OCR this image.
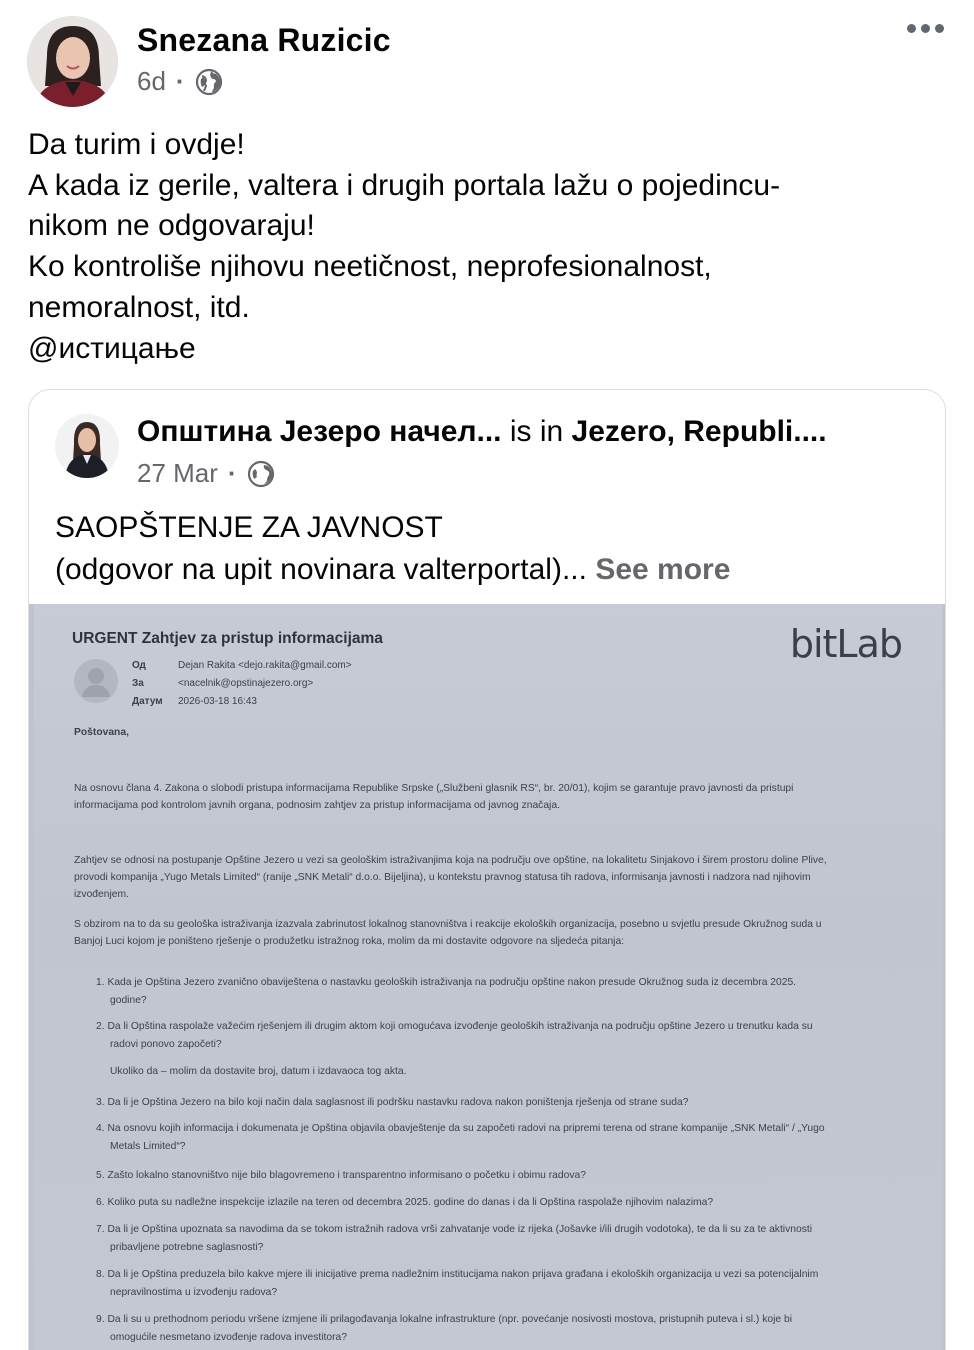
Snezana Ruzicic
6d ·
Da turim i ovdje!
A kada iz gerile, valtera i drugih portala lažu o pojedincu-
nikom ne odgovaraju!
Ko kontroliše njihovu neetičnost, neprofesionalnost,
nemoralnost, itd.
@истицање
Општина Језеро начел... is in Jezero, Republi....
27 Mar ·
SAOPŠTENJE ZA JAVNOST
(odgovor na upit novinara valterportal)... See more
URGENT Zahtjev za pristup informacijama	bitLab
Од	Dejan Rakita <dejo.rakita@gmail.com>
За	<nacelnik@opstinajezero.org>
Датум 2026-03-18 16:43
Poštovana,
Na osnovu člana 4. Zakona o slobodi pristupa informacijama Republike Srpske („Službeni glasnik RS“, br. 20/01), kojim se garantuje pravo javnosti da pristupi
informacijama pod kontrolom javnih organa, podnosim zahtjev za pristup informacijama od javnog značaja.
Zahtjev se odnosi na postupanje Opštine Jezero u vezi sa geološkim istraživanjima koja na području ove opštine, na lokalitetu Sinjakovo i širem prostoru doline Plive,
provodi kompanija „Yugo Metals Limited“ (ranije „SNK Metali“ d.o.o. Bijeljina), u kontekstu pravnog statusa tih radova, informisanja javnosti i nadzora nad njihovim
izvođenjem.
S obzirom na to da su geološka istraživanja izazvala zabrinutost lokalnog stanovništva i reakcije ekoloških organizacija, posebno u svjetlu presude Okružnog suda u
Banjoj Luci kojom je poništeno rješenje o produžetku istražnog roka, molim da mi dostavite odgovore na sljedeća pitanja:
1. Kada je Opština Jezero zvanično obaviještena o nastavku geoloških istraživanja na području opštine nakon presude Okružnog suda iz decembra 2025.
godine?
2. Da li Opština raspolaže važećim rješenjem ili drugim aktom koji omogućava izvođenje geoloških istraživanja na području opštine Jezero u trenutku kada su
radovi ponovo započeti?
Ukoliko da – molim da dostavite broj, datum i izdavaoca tog akta.
3. Da li je Opština Jezero na bilo koji način dala saglasnost ili podršku nastavku radova nakon poništenja rješenja od strane suda?
4. Na osnovu kojih informacija i dokumenata je Opština objavila obavještenje da su započeti radovi na pripremi terena od strane kompanije „SNK Metali“ / „Yugo
Metals Limited“?
5. Zašto lokalno stanovništvo nije bilo blagovremeno i transparentno informisano o početku i obimu radova?
6. Koliko puta su nadležne inspekcije izlazile na teren od decembra 2025. godine do danas i da li Opština raspolaže njihovim nalazima?
7. Da li je Opština upoznata sa navodima da se tokom istražnih radova vrši zahvatanje vode iz rijeka (Jošavke i/ili drugih vodotoka), te da li su za te aktivnosti
pribavljene potrebne saglasnosti?
8. Da li je Opština preduzela bilo kakve mjere ili inicijative prema nadležnim institucijama nakon prijava građana i ekoloških organizacija u vezi sa potencijalnim
nepravilnostima u izvođenju radova?
9. Da li su u prethodnom periodu vršene izmjene ili prilagođavanja lokalne infrastrukture (npr. povećanje nosivosti mostova, pristupnih puteva i sl.) koje bi
omogućile nesmetano izvođenje radova investitora?
